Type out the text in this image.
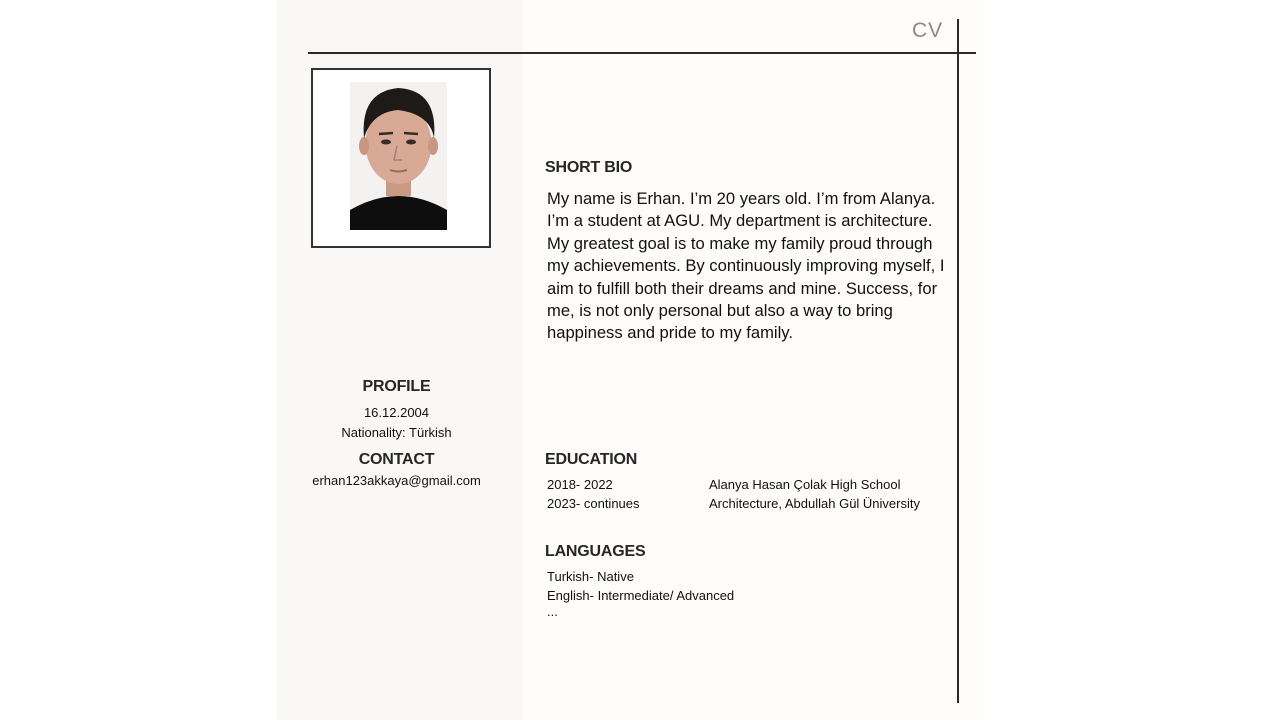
CV
SHORT BIO

My name is Erhan. I’m 20 years old. I’m from Alanya. I’m a student at AGU. My department is architecture. My greatest goal is to make my family proud through my achievements. By continuously improving myself, I aim to fulfill both their dreams and mine. Success, for me, is not only personal but also a way to bring happiness and pride to my family.

PROFILE
16.12.2004
Nationality: Türkish
CONTACT
erhan123akkaya@gmail.com
EDUCATION
2018- 2022	Alanya Hasan Çolak High School
2023- continues	Architecture, Abdullah Gül Üniversity
LANGUAGES
Turkish- Native
English- Intermediate/ Advanced
...
